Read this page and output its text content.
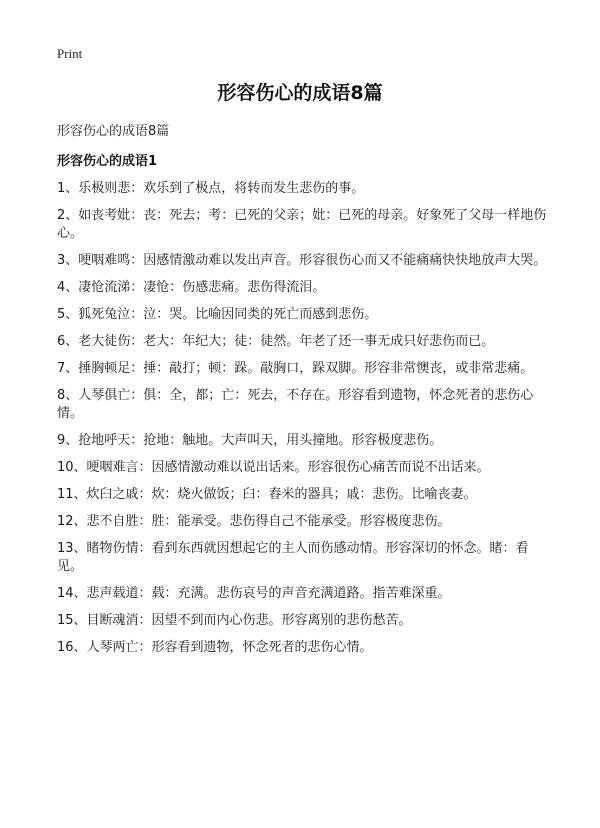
Print
形容伤心的成语8篇
形容伤心的成语8篇
形容伤心的成语1

1、乐极则悲：欢乐到了极点，将转而发生悲伤的事。

2、如丧考妣：丧：死去；考：已死的父亲；妣：已死的母亲。好象死了父母一样地伤心。

3、哽咽难鸣：因感情激动难以发出声音。形容很伤心而又不能痛痛快快地放声大哭。

4、凄怆流涕：凄怆：伤感悲痛。悲伤得流泪。

5、狐死兔泣：泣：哭。比喻因同类的死亡而感到悲伤。

6、老大徒伤：老大：年纪大；徒：徒然。年老了还一事无成只好悲伤而已。

7、捶胸顿足：捶：敲打；顿：跺。敲胸口，跺双脚。形容非常懊丧，或非常悲痛。

8、人琴俱亡：俱：全，都；亡：死去，不存在。形容看到遗物，怀念死者的悲伤心情。

9、抢地呼天：抢地：触地。大声叫天，用头撞地。形容极度悲伤。

10、哽咽难言：因感情激动难以说出话来。形容很伤心痛苦而说不出话来。

11、炊臼之戚：炊：烧火做饭；臼：舂米的器具；戚：悲伤。比喻丧妻。

12、悲不自胜：胜：能承受。悲伤得自己不能承受。形容极度悲伤。

13、睹物伤情：看到东西就因想起它的主人而伤感动情。形容深切的怀念。睹：看见。

14、悲声载道：载：充满。悲伤哀号的声音充满道路。指苦难深重。

15、目断魂消：因望不到而内心伤悲。形容离别的悲伤愁苦。

16、人琴两亡：形容看到遗物，怀念死者的悲伤心情。
